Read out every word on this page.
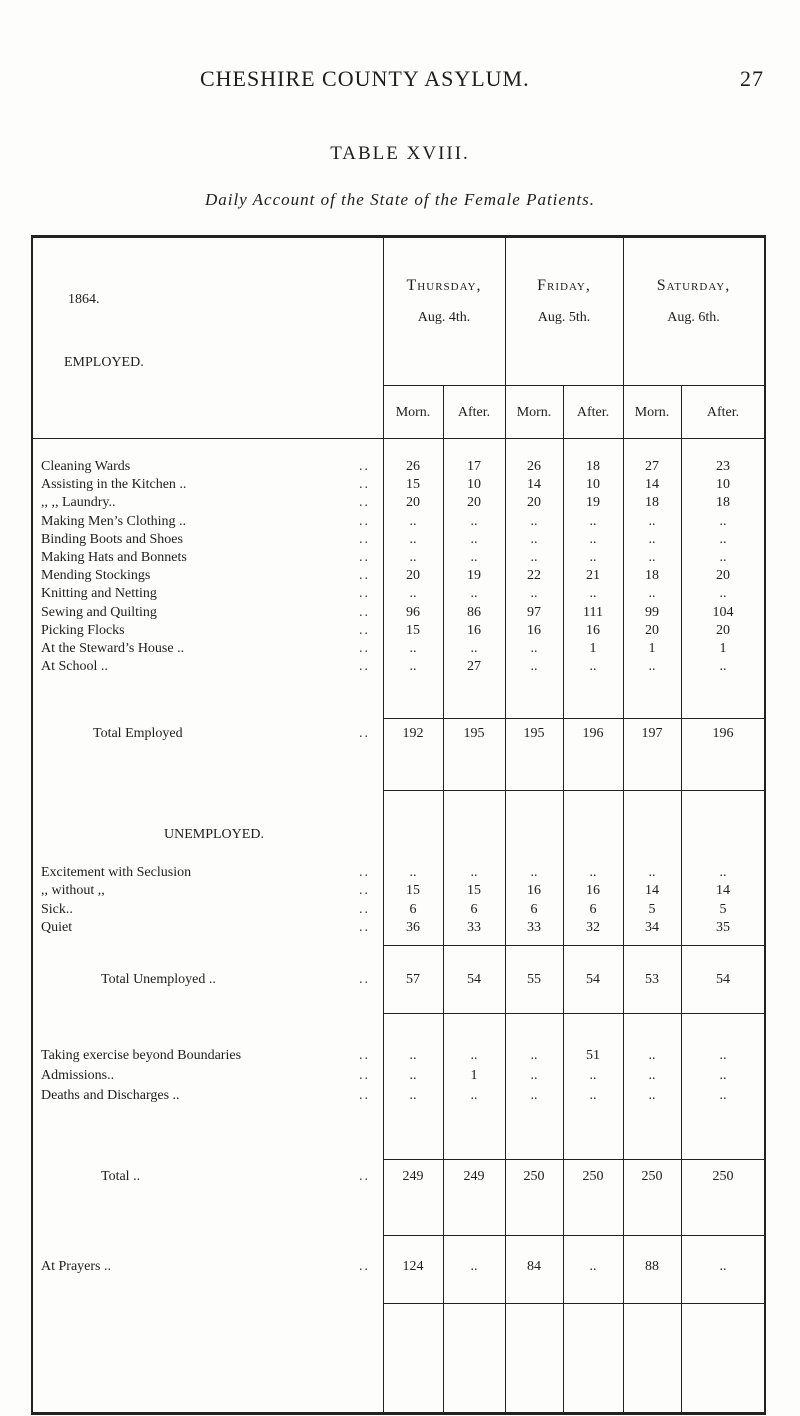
CHESHIRE COUNTY ASYLUM.	27
TABLE XVIII.
Daily Account of the State of the Female Patients.
1864.
EMPLOYED.
Thursday,
Aug. 4th.
Friday,
Aug. 5th.
Saturday,
Aug. 6th.
Morn.	After.	Morn.	After.	Morn.	After.
UNEMPLOYED.
Cleaning Wards	..	26	17	26	18	27	23
Assisting in the Kitchen ..	..	15	10	14	10	14	10
,, ,, Laundry..	..	20	20	20	19	18	18
Making Men’s Clothing ..	..	..	..	..	..	..	..
Binding Boots and Shoes	..	..	..	..	..	..	..
Making Hats and Bonnets	..	..	..	..	..	..	..
Mending Stockings	..	20	19	22	21	18	20
Knitting and Netting	..	..	..	..	..	..	..
Sewing and Quilting	..	96	86	97	111	99	104
Picking Flocks	..	15	16	16	16	20	20
At the Steward’s House ..	..	..	..	..	1	1	1
At School ..	..	..	27	..	..	..	..
Total Employed	..	192	195	195	196	197	196
Excitement with Seclusion	..	..	..	..	..	..	..
,, without ,,	..	15	15	16	16	14	14
Sick..	..	6	6	6	6	5	5
Quiet	..	36	33	33	32	34	35
Total Unemployed ..	..	57	54	55	54	53	54
Taking exercise beyond Boundaries	..	..	..	..	51	..	..
Admissions..	..	..	1	..	..	..	..
Deaths and Discharges ..	..	..	..	..	..	..	..
Total ..	..	249	249	250	250	250	250
At Prayers ..	..	124	..	84	..	88	..
